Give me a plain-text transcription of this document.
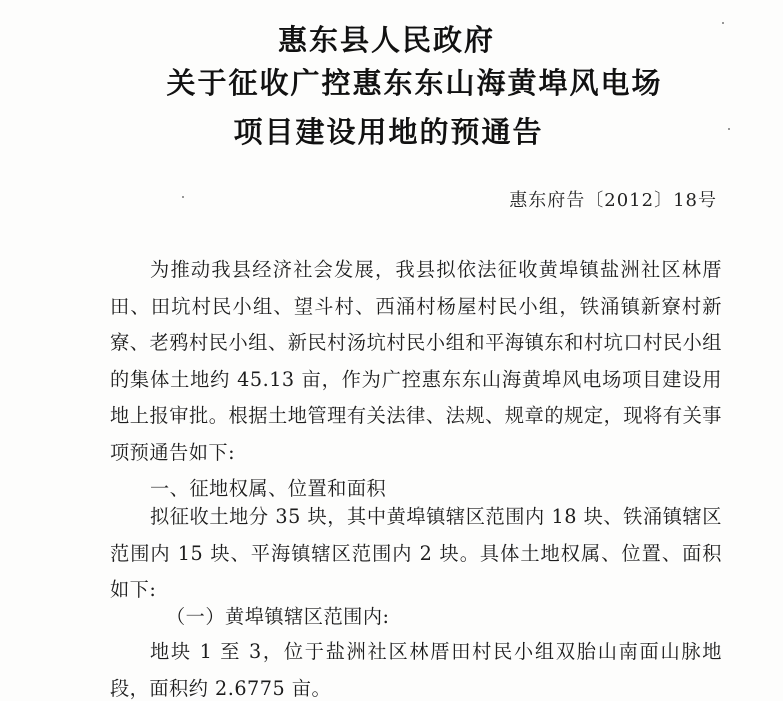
惠东县人民政府
关于征收广控惠东东山海黄埠风电场
项目建设用地的预通告
惠东府告〔2012〕18号
为推动我县经济社会发展，我县拟依法征收黄埠镇盐洲社区林厝田、田坑村民小组、望斗村、西涌村杨屋村民小组，铁涌镇新寮村新寮、老鸦村民小组、新民村汤坑村民小组和平海镇东和村坑口村民小组的集体土地约 45.13 亩，作为广控惠东东山海黄埠风电场项目建设用地上报审批。根据土地管理有关法律、法规、规章的规定，现将有关事项预通告如下:
一、征地权属、位置和面积
拟征收土地分 35 块，其中黄埠镇辖区范围内 18 块、铁涌镇辖区范围内 15 块、平海镇辖区范围内 2 块。具体土地权属、位置、面积如下:
（一）黄埠镇辖区范围内:
地块 1 至 3，位于盐洲社区林厝田村民小组双胎山南面山脉地段，面积约 2.6775 亩。
